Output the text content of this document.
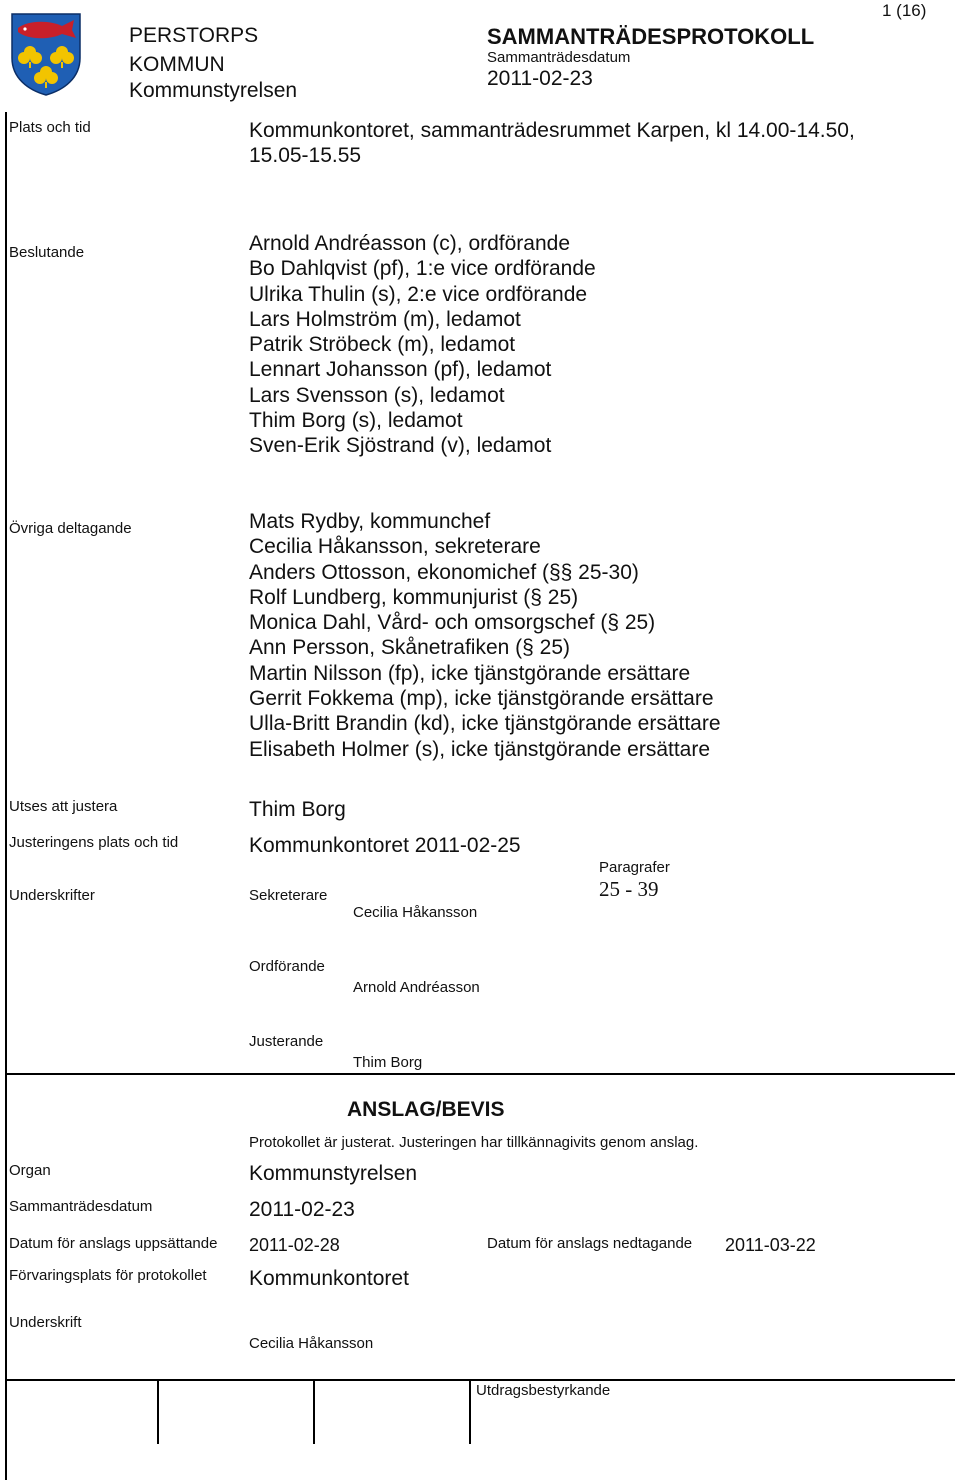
PERSTORPS
KOMMUN
Kommunstyrelsen
SAMMANTRÄDESPROTOKOLL
Sammanträdesdatum
2011-02-23
1 (16)
Plats och tid	Kommunkontoret, sammanträdesrummet Karpen, kl 14.00-14.50,
15.05-15.55
Beslutande	Arnold Andréasson (c), ordförande
Bo Dahlqvist (pf), 1:e vice ordförande
Ulrika Thulin (s), 2:e vice ordförande
Lars Holmström (m), ledamot
Patrik Ströbeck (m), ledamot
Lennart Johansson (pf), ledamot
Lars Svensson (s), ledamot
Thim Borg (s), ledamot
Sven-Erik Sjöstrand (v), ledamot
Övriga deltagande	Mats Rydby, kommunchef
Cecilia Håkansson, sekreterare
Anders Ottosson, ekonomichef (§§ 25-30)
Rolf Lundberg, kommunjurist (§ 25)
Monica Dahl, Vård- och omsorgschef (§ 25)
Ann Persson, Skånetrafiken (§ 25)
Martin Nilsson (fp), icke tjänstgörande ersättare
Gerrit Fokkema (mp), icke tjänstgörande ersättare
Ulla-Britt Brandin (kd), icke tjänstgörande ersättare
Elisabeth Holmer (s), icke tjänstgörande ersättare
Utses att justera	Thim Borg
Justeringens plats och tid	Kommunkontoret 2011-02-25
Paragrafer
25 - 39
Underskrifter	Sekreterare
Cecilia Håkansson
Ordförande
Arnold Andréasson
Justerande
Thim Borg
ANSLAG/BEVIS
Protokollet är justerat. Justeringen har tillkännagivits genom anslag.
Organ	Kommunstyrelsen
Sammanträdesdatum	2011-02-23
Datum för anslags uppsättande 2011-02-28	Datum för anslags nedtagande 2011-03-22
Förvaringsplats för protokollet Kommunkontoret
Underskrift
Cecilia Håkansson
Utdragsbestyrkande
